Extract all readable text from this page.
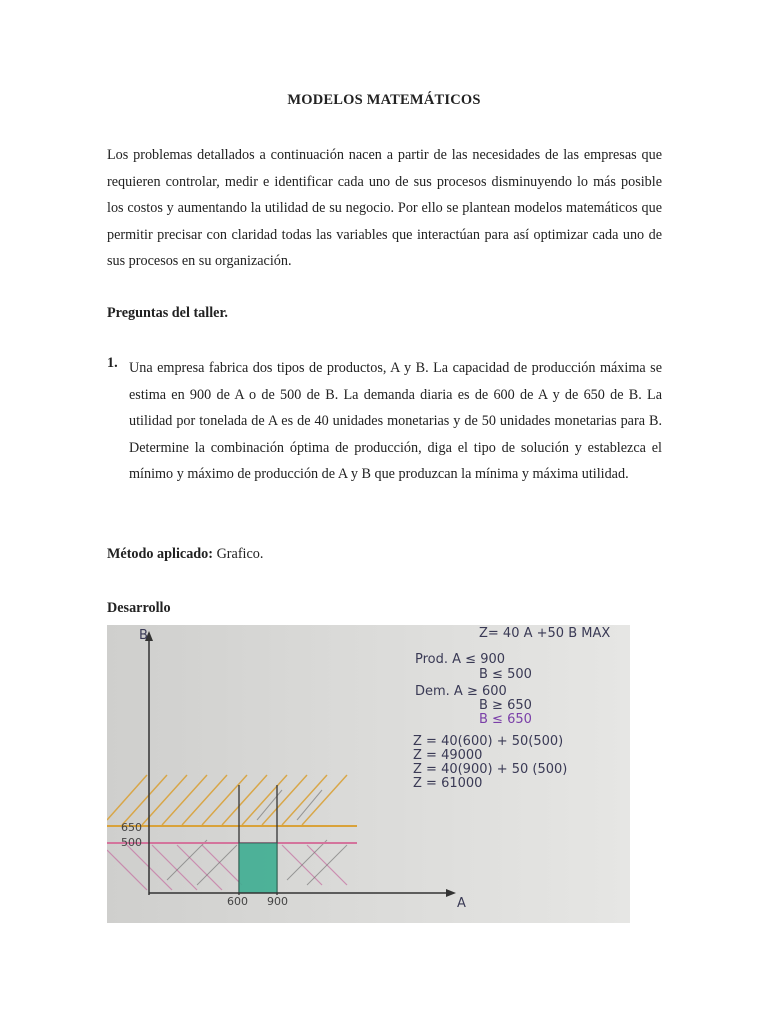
MODELOS MATEMÁTICOS
Los problemas detallados a continuación nacen a partir de las necesidades de las empresas que requieren controlar, medir e identificar cada uno de sus procesos disminuyendo lo más posible los costos y aumentando la utilidad de su negocio. Por ello se plantean modelos matemáticos que permitir precisar con claridad todas las variables que interactúan para así optimizar cada uno de sus procesos en su organización.
Preguntas del taller.
1. Una empresa fabrica dos tipos de productos, A y B. La capacidad de producción máxima se estima en 900 de A o de 500 de B. La demanda diaria es de 600 de A y de 650 de B. La utilidad por tonelada de A es de 40 unidades monetarias y de 50 unidades monetarias para B. Determine la combinación óptima de producción, diga el tipo de solución y establezca el mínimo y máximo de producción de A y B que produzcan la mínima y máxima utilidad.
Método aplicado: Grafico.
Desarrollo
B
A
650
500
600 900
Z= 40 A +50 B MAX
Prod. A ≤ 900
B ≤ 500
Dem. A ≥ 600
B ≥ 650
B ≤ 650
Z = 40(600) + 50(500)
Z = 49000
Z = 40(900) + 50 (500)
Z = 61000
